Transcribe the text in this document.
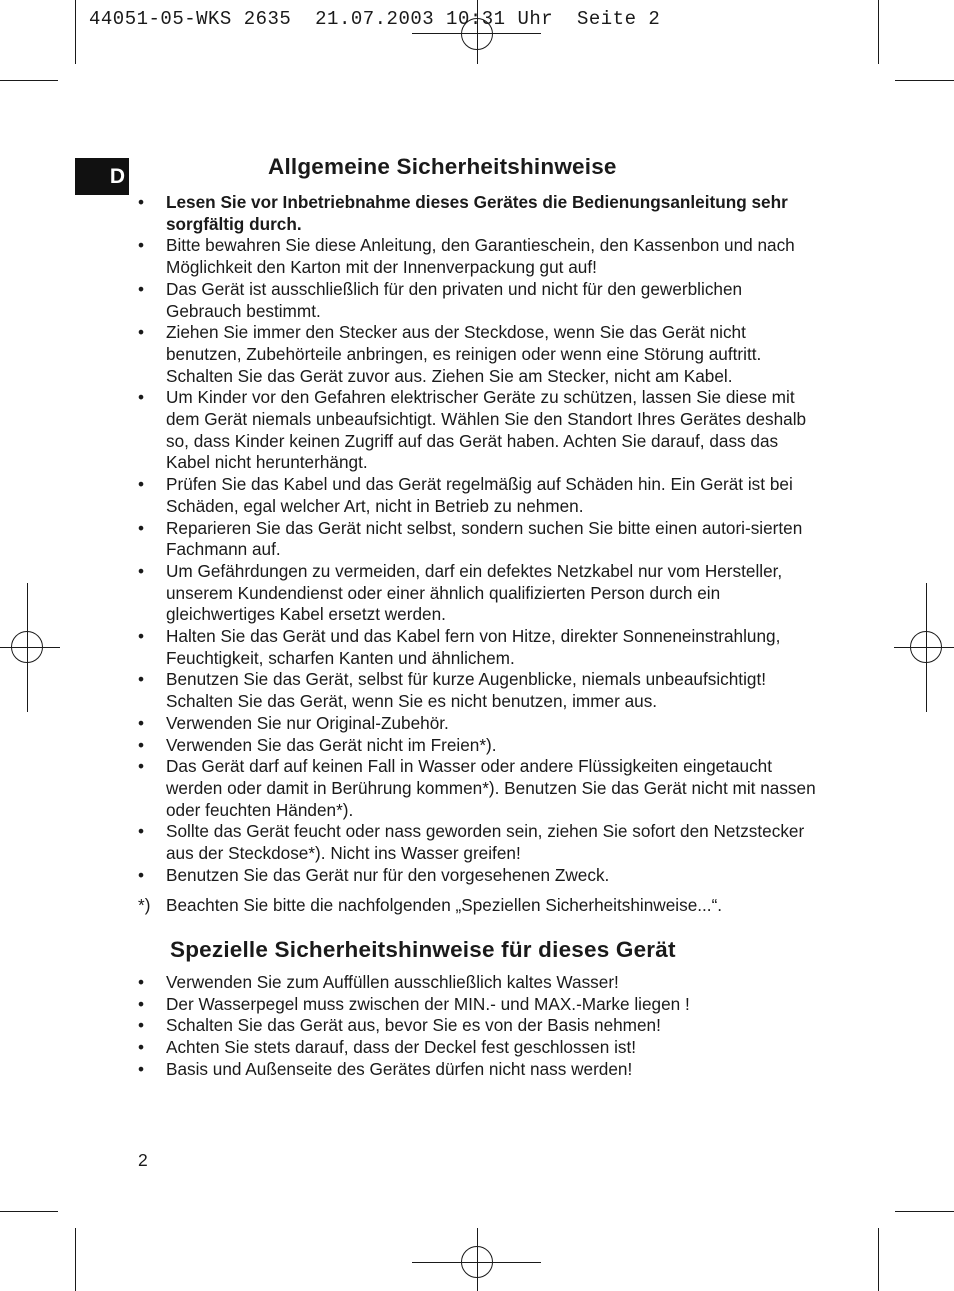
44051-05-WKS 2635  21.07.2003 10:31 Uhr  Seite 2
D	Allgemeine Sicherheitshinweise
• Lesen Sie vor Inbetriebnahme dieses Gerätes die Bedienungsanleitung sehr sorgfältig durch.
• Bitte bewahren Sie diese Anleitung, den Garantieschein, den Kassenbon und nach Möglichkeit den Karton mit der Innenverpackung gut auf!
• Das Gerät ist ausschließlich für den privaten und nicht für den gewerblichen Gebrauch bestimmt.
• Ziehen Sie immer den Stecker aus der Steckdose, wenn Sie das Gerät nicht benutzen, Zubehörteile anbringen, es reinigen oder wenn eine Störung auftritt. Schalten Sie das Gerät zuvor aus. Ziehen Sie am Stecker, nicht am Kabel.
• Um Kinder vor den Gefahren elektrischer Geräte zu schützen, lassen Sie diese mit dem Gerät niemals unbeaufsichtigt. Wählen Sie den Standort Ihres Gerätes deshalb so, dass Kinder keinen Zugriff auf das Gerät haben. Achten Sie darauf, dass das Kabel nicht herunterhängt.
• Prüfen Sie das Kabel und das Gerät regelmäßig auf Schäden hin. Ein Gerät ist bei Schäden, egal welcher Art, nicht in Betrieb zu nehmen.
• Reparieren Sie das Gerät nicht selbst, sondern suchen Sie bitte einen autori-sierten Fachmann auf.
• Um Gefährdungen zu vermeiden, darf ein defektes Netzkabel nur vom Hersteller, unserem Kundendienst oder einer ähnlich qualifizierten Person durch ein gleichwertiges Kabel ersetzt werden.
• Halten Sie das Gerät und das Kabel fern von Hitze, direkter Sonneneinstrahlung, Feuchtigkeit, scharfen Kanten und ähnlichem.
• Benutzen Sie das Gerät, selbst für kurze Augenblicke, niemals unbeaufsichtigt! Schalten Sie das Gerät, wenn Sie es nicht benutzen, immer aus.
• Verwenden Sie nur Original-Zubehör.
• Verwenden Sie das Gerät nicht im Freien*).
• Das Gerät darf auf keinen Fall in Wasser oder andere Flüssigkeiten eingetaucht werden oder damit in Berührung kommen*). Benutzen Sie das Gerät nicht mit nassen oder feuchten Händen*).
• Sollte das Gerät feucht oder nass geworden sein, ziehen Sie sofort den Netzstecker aus der Steckdose*). Nicht ins Wasser greifen!
• Benutzen Sie das Gerät nur für den vorgesehenen Zweck.
*) Beachten Sie bitte die nachfolgenden „Speziellen Sicherheitshinweise...“.
Spezielle Sicherheitshinweise für dieses Gerät
• Verwenden Sie zum Auffüllen ausschließlich kaltes Wasser!
• Der Wasserpegel muss zwischen der MIN.- und MAX.-Marke liegen !
• Schalten Sie das Gerät aus, bevor Sie es von der Basis nehmen!
• Achten Sie stets darauf, dass der Deckel fest geschlossen ist!
• Basis und Außenseite des Gerätes dürfen nicht nass werden!
2
